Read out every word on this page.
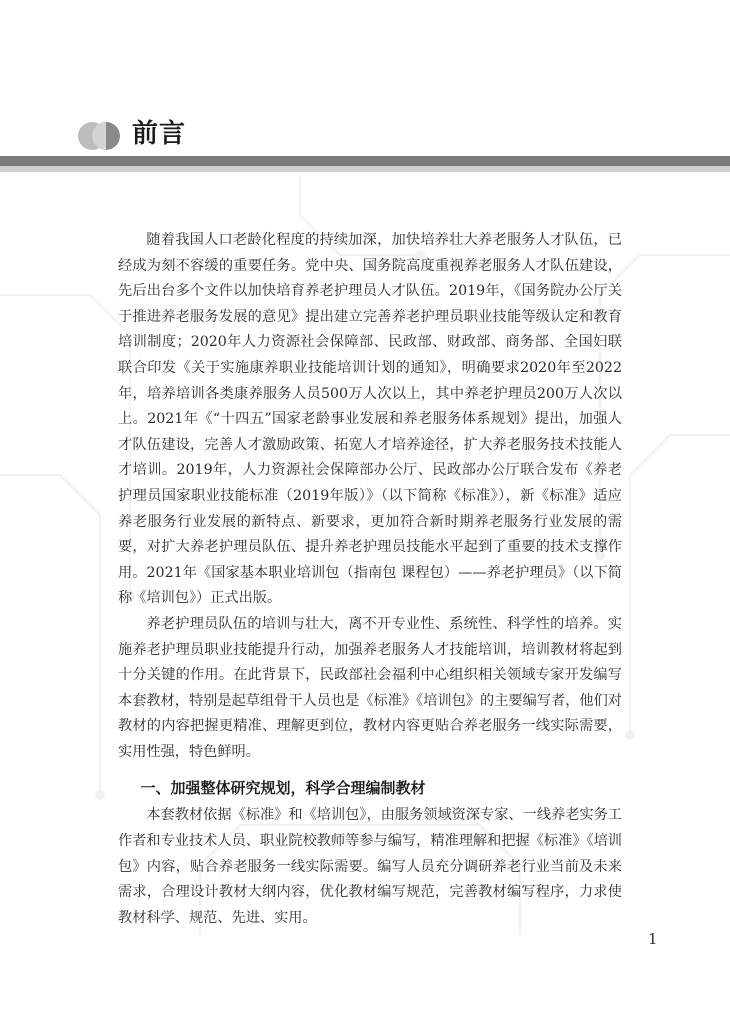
前言

随着我国人口老龄化程度的持续加深，加快培养壮大养老服务人才队伍，已经成为刻不容缓的重要任务。党中央、国务院高度重视养老服务人才队伍建设，先后出台多个文件以加快培育养老护理员人才队伍。2019年，《国务院办公厅关于推进养老服务发展的意见》提出建立完善养老护理员职业技能等级认定和教育培训制度；2020年人力资源社会保障部、民政部、财政部、商务部、全国妇联联合印发《关于实施康养职业技能培训计划的通知》，明确要求2020年至2022年，培养培训各类康养服务人员500万人次以上，其中养老护理员200万人次以上。2021年《“十四五”国家老龄事业发展和养老服务体系规划》提出，加强人才队伍建设，完善人才激励政策、拓宽人才培养途径，扩大养老服务技术技能人才培训。2019年，人力资源社会保障部办公厅、民政部办公厅联合发布《养老护理员国家职业技能标准（2019年版）》（以下简称《标准》），新《标准》适应养老服务行业发展的新特点、新要求，更加符合新时期养老服务行业发展的需要，对扩大养老护理员队伍、提升养老护理员技能水平起到了重要的技术支撑作用。2021年《国家基本职业培训包（指南包 课程包）——养老护理员》（以下简称《培训包》）正式出版。

养老护理员队伍的培训与壮大，离不开专业性、系统性、科学性的培养。实施养老护理员职业技能提升行动，加强养老服务人才技能培训，培训教材将起到十分关键的作用。在此背景下，民政部社会福利中心组织相关领域专家开发编写本套教材，特别是起草组骨干人员也是《标准》《培训包》的主要编写者，他们对教材的内容把握更精准、理解更到位，教材内容更贴合养老服务一线实际需要，实用性强，特色鲜明。

一、加强整体研究规划，科学合理编制教材

本套教材依据《标准》和《培训包》，由服务领域资深专家、一线养老实务工作者和专业技术人员、职业院校教师等参与编写，精准理解和把握《标准》《培训包》内容，贴合养老服务一线实际需要。编写人员充分调研养老行业当前及未来需求，合理设计教材大纲内容，优化教材编写规范，完善教材编写程序，力求使教材科学、规范、先进、实用。

1
